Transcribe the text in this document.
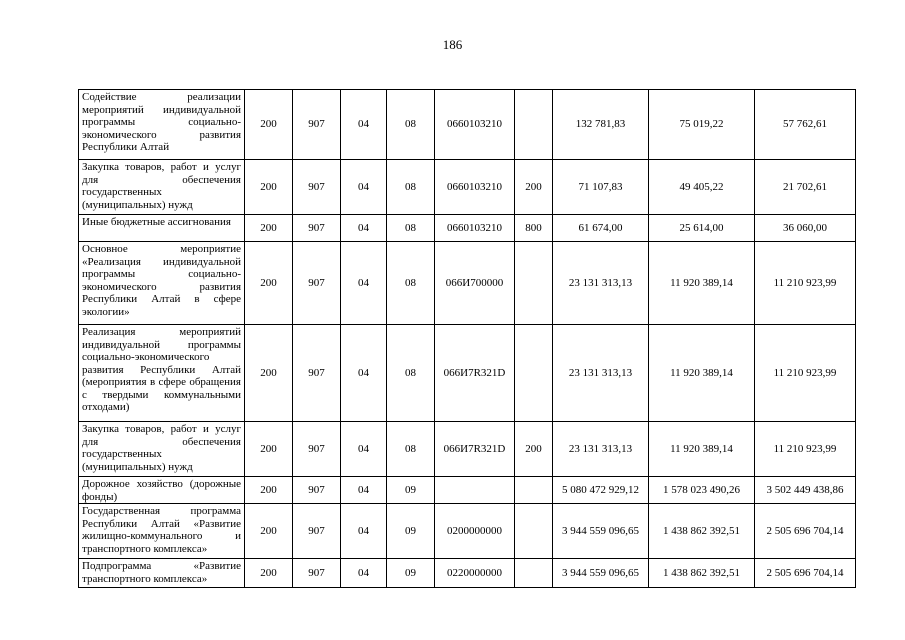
186
Содействие реализации мероприятий индивидуальной программы социально-экономического развития Республики Алтай	200	907	04	08	0660103210		132 781,83	75 019,22	57 762,61
Закупка товаров, работ и услуг для обеспечения государственных (муниципальных) нужд	200	907	04	08	0660103210	200	71 107,83	49 405,22	21 702,61
Иные бюджетные ассигнования	200	907	04	08	0660103210	800	61 674,00	25 614,00	36 060,00
Основное мероприятие «Реализация индивидуальной программы социально-экономического развития Республики Алтай в сфере экологии»	200	907	04	08	066И700000		23 131 313,13	11 920 389,14	11 210 923,99
Реализация мероприятий индивидуальной программы социально-экономического развития Республики Алтай (мероприятия в сфере обращения с твердыми коммунальными отходами)	200	907	04	08	066И7R321D		23 131 313,13	11 920 389,14	11 210 923,99
Закупка товаров, работ и услуг для обеспечения государственных (муниципальных) нужд	200	907	04	08	066И7R321D	200	23 131 313,13	11 920 389,14	11 210 923,99
Дорожное хозяйство (дорожные фонды)	200	907	04	09			5 080 472 929,12	1 578 023 490,26	3 502 449 438,86
Государственная программа Республики Алтай «Развитие жилищно-коммунального и транспортного комплекса»	200	907	04	09	0200000000		3 944 559 096,65	1 438 862 392,51	2 505 696 704,14
Подпрограмма «Развитие транспортного комплекса»	200	907	04	09	0220000000		3 944 559 096,65	1 438 862 392,51	2 505 696 704,14
